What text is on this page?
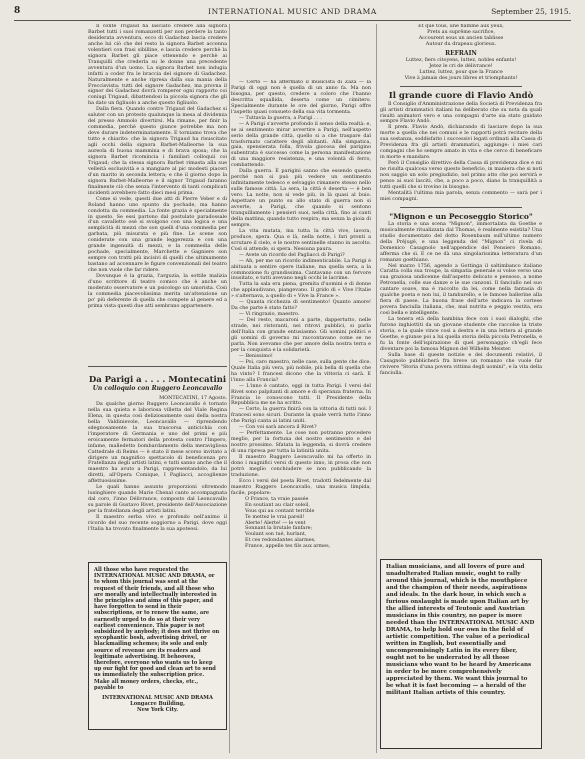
8	INTERNATIONAL MUSIC AND DRAMA	September 25, 1915.

Il conte Trigaud ha lasciato credere alla signora Barbet tutti i suoi romanzetti per non perdere la tanto desiderata avventura, ecco di Gadachez lascia credere anche lui ciò che del resto la signora Barbet accenna volentieri con frasi sibilline, e lascia credere perchè la signora Barbet gli piace ottenendo e perchè ai Tranquilli che crederla su le donne una precedente avventura d'un uomo. La signora Barbet non indugia infatti a coder fra le braccia del signore di Gadachez. Naturalmente e anche ripresa dalla sua mania della Freccisvista: tutti del signore Gadachez, ma provna il signor dei Gadachez dovrà romperer ogni rapporto coi coniugi Trigaud, dibattendosi la piccola signora che gli ha dato un figliuolo a anche questo figliuolo.

Dalla fiera. Quando contro Trigaud del Gadachez si saluter con un protesto qualunque la mesa al dividenza del presso Ammolo divertirsi. Ma rimane, per finir la commedia, perchè questo giunce potrebbe ma non deve durare indeterminatamente. E torniamo trova che tutto e chiarito: che la signora Trigaud ha risuscitato agli occhi della signora Barbet-Malleorne la sua aureola di buona mammina e di brava sposa; che la signora Barbet ricomincia i familiari colloquii coi Trigaud; che la stessa signora Barbet rimasta alla sue velleità esclusività e a mangiare al pic modesti piaceri d'un marito in seconda lettera; e che il giorno dopo la signora Barbet-Malleorne e il signor Trigaud faranno finalmente ciò che senza l'intervento di tanti complicati incidenti avrebbero fatto dieci mesi prima.

Come si vede, questi due atti di Pierre Veber e di Roland hanno uno spunto da pochade, ma hanno condotta da commedia. La fonte grazia è specialmente in questo. Se essi partono dal postulato paradossale d'un cavalletto osé si svolgono con una logica e una semplicità di mezzi che son quelli d'una commedia per garbata, più misurata e più fine. Le scene son coniderate con una grande leggerezza e con una grande ingenuità di mezzi, e la commedia delle pochade, specialmente, Marchette e Gagniere son sempre con tratti più incisivi di quelli che ultimamente bastano ad accennare le figure convenzionali del teatro che non vuole che far ridere.

Dovunque è la grazia, l'arguzia, la sottile malizia d'uno scrittore di teatro comico che è anche un moderato osservatore e un psicologo un umorista. Così la commedia piacevolissima merita un'attenzione un po' più deferente di quella che compete al genere ed a prima vista questi due atti sembrano appartenere.

Da Parigi a . . . . Montecatini

Un colloquio con Ruggero Leoncavallo

MONTECATINI, 17 Agosto.

Da qualche giorno Ruggero Leoncavallo è tornato nella sua quieta e laboriosa villetta del Viale Regina Elena, in questa così deliziosamente oasi della nostra bella Valdinievole, Leoncavallo — riprendendo sdegnosamente la sua trascorsa anticichia con l'imperatore di Germania e uno del primi e più eroicamente fermatori della protesta contro l'Impero, infame, malledetto bombardamento della meravigliosa Cattedrale di Reims — è stato il mese scorso invitato a dirigere un magnifico spettacolo di beneficenza pro Fratellanza degli artisti latini, e tutti sanno anche che il maestro ha avuto a Parigi, rappresentandolo, da lui diretti, all'Opera Comique, I Pagliacci, accoglienze affettuosissime.

Le quali hanno assunto proporzioni oltremodo lusinghiere quando Marie Chenal canto accompagnata dal coro, l'inno Délivrance, composto dal Leoncavallo su parole di Gustavo Rivet, presidente dell'Associazione per la fratellanza degli artisti latini.

Il maestro serba vivo e profondo nell'animo il ricordo del suo recente soggiorno a Parigi, dove oggi l'Italia ha trovato finalmente la sua apoteosi.

All those who have requested the INTERNATIONAL MUSIC AND DRAMA, or to whom this journal was sent at the request of their friends, and all those who are morally and intellectually interested in the principles and aims of this paper, and have forgotten to send in their subscriptions, or to renew the same, are earnestly urged to do so at their very earliest convenience. This paper is not subsidized by anybody; it does not thrive on sycophantic bosh, advertising drivel, or blackmailing schemes; its sole and only source of revenue are its readers and legitimate advertising. It behooves, therefore, everyone who wants us to keep up our fight for good and clean art to send us immediately the subscription price. Make all money orders, checks, etc., payable to

INTERNATIONAL MUSIC AND DRAMA

Longacre Building,

New York City.

— Certo — ha affermato il musicista di Zazà — la Parigi di oggi non è quella di un anno fa. Ma non bisogna, per questo, credere a coloro che l'hanno descritta squallida, deserta come un cimitero. Specialmente durante le ore del giorno, Parigi offre l'aspetto quasi consueto della sua vita tormenta.

— Tuttavia la guerra, a Parigi . . .

— A Parigi s'avverte profondo il senso della realtà: e, se ai sentimento mirar avvertire a Parigi, nell'aspetto serio della grande città, quello si a che traspare dal trasformato carattere degli abitanti. Alla simpatica, gaia, spensierata folla, frivola giocosa del parigino subentrata è successo come la persona manifestazione di una maggiore resistenza, e una volontà di ferro, combattendo.

Dalla guerra. È parigini sanno che essendo questa perché non si può più vedere un sentimento infinitamente tedesco e selvaggio rimanere stesso nello sulle famose città. La sera, la città è deserta — è ben vero. La notte, non si vede più, in là quasi al buio. Aspettare un punto su allo stato di guerra non si avverte, a Parigi, che quando si sentono tranquillamente i pensieri suoi, nella città, fino ai canti della mattina, quando tutto respira; ma senza la gioia di sempre.

La vita mutata, ma tutta la città vive, lavora, produce, spera. Qua e là, nella notte, i fari pronti a scrutare il cielo, e le nostre sentinelle stanno in ascolto. Così si attende, si spera. Nessuna paura.

— Avete un ricordo del Pagliacci di Parigi?

— Ah, per me un ricordo indimenticabile. La Parigi è abituata a sentire opere italiane, ma quella sera, a la commozione fu grandissima. Cantavano con un fervore inusitato, e tutti avevano negli occhi le lacrime.

Tutta la sala era piena, gremita d'uomini e di donne che applaudivano, piangevano. Il grido di « Vive l'Italie » s'alternava, a quello di « Vive la France ».

— Quanta ricchezza di sentimento! Quanto amore! Da che parte è stato fatto?

— Vi ringrazio, maestro.

— Del resto, macaroni a parte, dappertutto, nelle strade, nei ristoranti, nei ritrovi pubblici, si parla dell'Italia con grande entusiasmo. Gli uomini politici e gli uomini di governo mi raccontavano come se ne parla. Non avevamo che per amore della nostra terra e per la conquista e la solidarietà.

— Benissimo!

— Poi, caro maestro, nelle case, sulla gente che dice. Quale Italia più vera, più nobile, più bella di quella che ha vinto? I francesi dicono che la vittoria ci sarà. E l'inno alla Francia?

— L'inno è cantato, oggi in tutta Parigi. I versi del Rivet sono palpitanti di amore e di speranza fraterna. In Francia lo conoscono tutti. Il Presidente della Repubblica me ne ha scritto.

— Certo, la guerra finirà con la vittoria di tutti noi. I francesi sono sicuri. Durante la quale verrà tutto l'inno che Parigi canta ai latini uniti.

— Con voi sarà ancora il Rivet?

— Perfettamente. Le cose non potranno procedere meglio, per la fortuna del nostro sentimento e del nostro prossimo. Sfatata la leggenda, si dovrà credere di una ripresa per tutta la latinità unita.

Il maestro Ruggero Leoncavallo mi ha offerto in dono i magnifici versi di questo inno, in prosa che non potrò meglio conchiudere se non pubblicando la traduzione.

Ecco i versi del poeta Rivet, tradotti fedelmente dal maestro Ruggero Leoncavallo, una musica limpida, facile, popolare:

O France, ta vraie passée

En soutiant au clair soleil,

Vous qui au contant terrible

Te mettez le vrai pareil!

Alerte! Alerte! — le vent

Sonnant la brutale fanfare;

Voulant son tué, hurlant,

Et ces redondantes alarmes,

France, appelle tes fils aux armes,

Et que tous, une flamme aux yeux,

Prets au suprême sacrifice,

Accourent sous un ancien tablisse

Autour du drapeau glorieux.

REFRAIN

Luttez, fiers citoyens, luttez, nobles enfants!

Jetez le cri de délivrance!

Luttez, luttez, pour que la France

Vive à jamais des jours libres et triomphants!

Il grande cuore di Flavio Andò

Il Consiglio d'Amministrazione della Società di Previdenza fra gli artisti drammatici italiani ha deliberato che su nota da quali risulti animatori vero e una compagni d'arte sia stato guidato sempre Flavio Andò.

Il prem. Flavio Andò, dichiarando di lasciare dopo la sua morte a quella che nei comuni e le rapporti potrà recitare della sua sostanza, soddisfatto i successivi legati ordinati alla Cassa di Previdenza fra gli artisti drammatici, aggiunge: i miei cari compagni che ho sempre amato in vita e che cerco di beneficare in morte e mandare.

Però il Consiglio direttivo della Cassa di previdenza dice e mi ne risulta qualcosa verso questo beneficio, in maniera che si noti non saggio un solo pregiudizio, nel primo atto che poi servirà e penso ai suoi lasciti, che, a poco a poco, diano la tranquillità a tutti quelli che si trovino in bisogno.

Mentalità l'ultima mia parola, senza commento — sarà per i miei compagni.

"Mignon e un Pecoseggio Storico"

La storia e una scena "Mignon", immortalata da Goethe e musicalmente ritualizzata dal Thomas, è realmente esistita? Una studio documentato del dotto Rosenbaum sull'ultimo numero della Préjugé, e una leggenda del "Mignon" ci rivela di Domenico Casagnolo nell'appendice del Pensiero Romano, afferma che sì. E ce ne dà una singolarissima letteratura d'un romanzo goethiano.

Nel marzo 1756, agendo a Gottinga il saltimbanco italiano Caratta colla sua troupe, la simpatia generale si volse verso una sua graziosa undicenne dall'aspetto delicato e pensoso, a nome Petronella, colle sue danze e le sue canzoni. Il fanciullo nel suo cantare soave, ma è raccolto da lei, come nella fantasia di qualche poeta e non lui, il tamburello, e le famose ballerine alla fiera di paese. La buona frase dell'arte indicava la cortese povera fanciulla italiana, che, mal nutrita e peggio vestita, era così bella e intelligente.

La tenera età della bambina fece con i suoi dialoghi, che furono inghiottiti da un giovane studente che raccolse la triste storia, e la quale vince così a destra e in una lettera al grande Goethe, e giunse poi a lui quella storia della piccola Petronella, e fu la fonte dell'ispirazione di quel personaggio ch'egli fece diventare poi la famosa Mignon del Wilhelm Meister.

Sulla base di queste notizie e dei documenti relativi, il Casagnolo pubblicherà fra breve un romanzo che vuole far rivivere "Storia d'una povera vittima degli uomini", e la vita della fanciulla.

Italian musicians, and all lovers of pure and unadulterated Italian music, ought to rally around this journal, which is the mouthpiece and the champion of their needs, aspirations and ideals. In the dark hour, in which such a furious onslaught is made upon Italian art by the allied interests of Teutonic and Austrian musicians in this country, no paper is more needed than the INTERNATIONAL MUSIC AND DRAMA, to help hold our own in the field of artistic competition. The value of a periodical written in English, but essentially and uncompromisingly Latin in its every fiber, ought not to be underrated by all those musicians who want to be heard by Americans in order to be more comprehensively appreciated by them. We want this journal to be what it is fast becoming — a herald of the militant Italian artists of this country.
